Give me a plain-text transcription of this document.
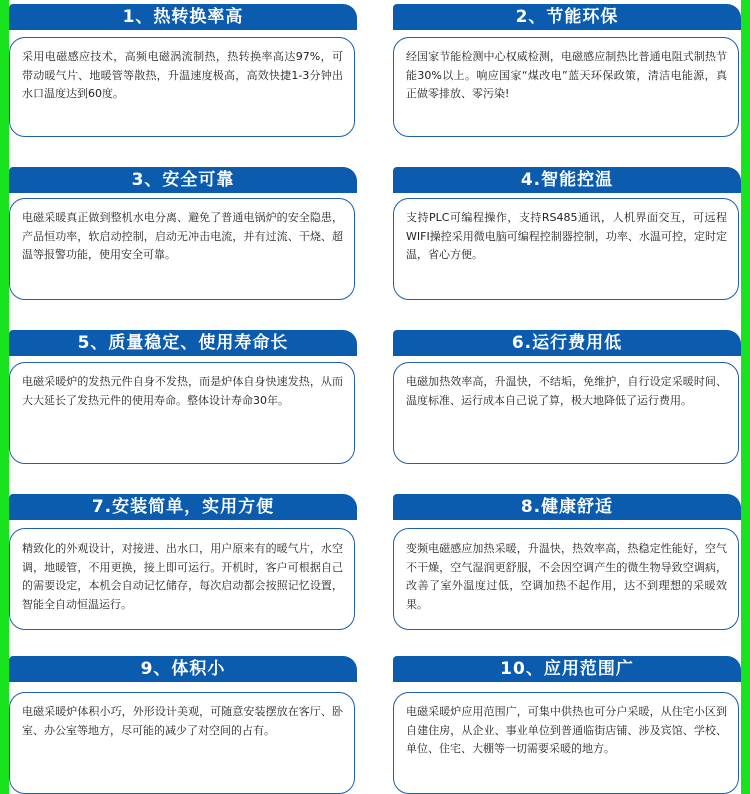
1、热转换率高

采用电磁感应技术，高频电磁涡流制热，热转换率高达97%，可带动暖气片、地暖管等散热，升温速度极高，高效快捷1-3分钟出水口温度达到60度。

2、节能环保

经国家节能检测中心权威检测，电磁感应制热比普通电阻式制热节能30%以上。响应国家“煤改电”蓝天环保政策，清洁电能源，真正做零排放、零污染!

3、安全可靠

电磁采暖真正做到整机水电分离、避免了普通电锅炉的安全隐患，产品恒功率，软启动控制，启动无冲击电流，并有过流、干烧、超温等报警功能，使用安全可靠。

4.智能控温

支持PLC可编程操作，支持RS485通讯，人机界面交互，可远程WIFI操控采用微电脑可编程控制器控制，功率、水温可控，定时定温，省心方便。

5、质量稳定、使用寿命长

电磁采暖炉的发热元件自身不发热，而是炉体自身快速发热，从而大大延长了发热元件的使用寿命。整体设计寿命30年。

6.运行费用低

电磁加热效率高，升温快，不结垢，免维护，自行设定采暖时间、温度标准、运行成本自己说了算，极大地降低了运行费用。

7.安装简单，实用方便

精致化的外观设计，对接进、出水口，用户原来有的暖气片，水空调，地暖管，不用更换，接上即可运行。开机时，客户可根据自己的需要设定，本机会自动记忆储存，每次启动都会按照记忆设置，智能全自动恒温运行。

8.健康舒适

变频电磁感应加热采暖，升温快，热效率高，热稳定性能好，空气不干燥，空气湿润更舒服，不会因空调产生的微生物导致空调病，改善了室外温度过低，空调加热不起作用，达不到理想的采暖效果。

9、体积小

电磁采暖炉体积小巧，外形设计美观，可随意安装摆放在客厅、卧室、办公室等地方，尽可能的减少了对空间的占有。

10、应用范围广

电磁采暖炉应用范围广，可集中供热也可分户采暖，从住宅小区到自建住房，从企业、事业单位到普通临街店铺、涉及宾馆、学校、单位、住宅、大棚等一切需要采暖的地方。
